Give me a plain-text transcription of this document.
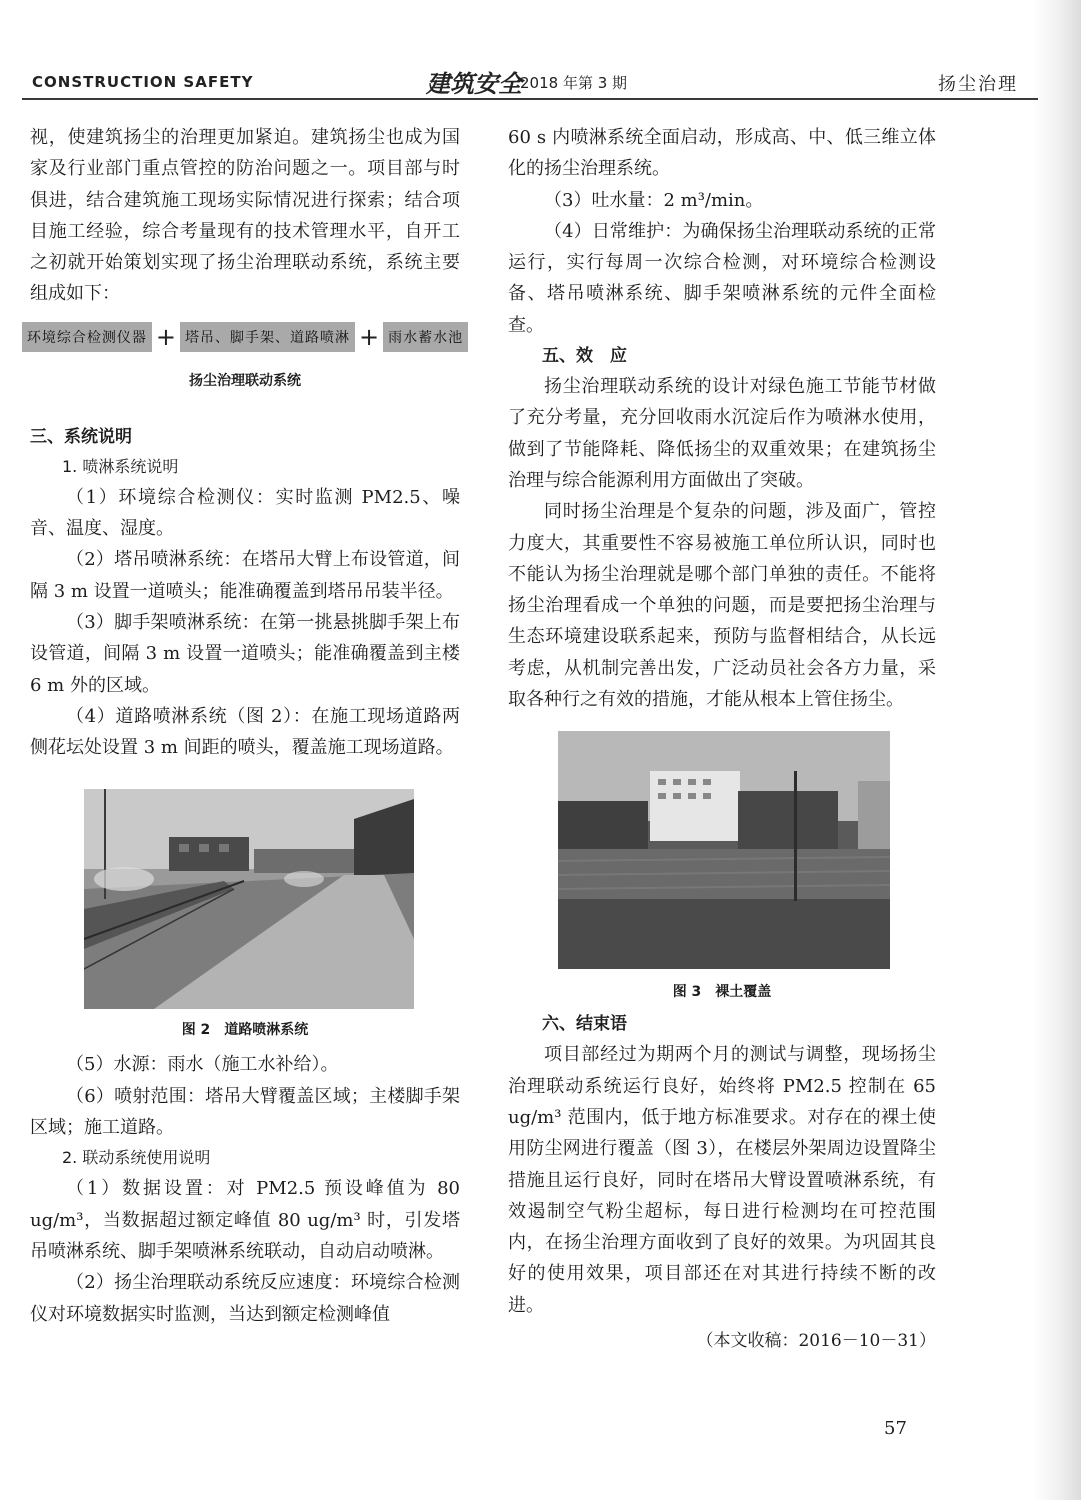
CONSTRUCTION SAFETY	建筑安全
2018 年第 3 期	扬尘治理

视，使建筑扬尘的治理更加紧迫。建筑扬尘也成为国家及行业部门重点管控的防治问题之一。项目部与时俱进，结合建筑施工现场实际情况进行探索；结合项目施工经验，综合考量现有的技术管理水平，自开工之初就开始策划实现了扬尘治理联动系统，系统主要组成如下：

环境综合检测仪器 + 塔吊、脚手架、道路喷淋 + 雨水蓄水池
扬尘治理联动系统

三、系统说明

1. 喷淋系统说明

（1）环境综合检测仪：实时监测 PM2.5、噪音、温度、湿度。

（2）塔吊喷淋系统：在塔吊大臂上布设管道，间隔 3 m 设置一道喷头；能准确覆盖到塔吊吊装半径。

（3）脚手架喷淋系统：在第一挑悬挑脚手架上布设管道，间隔 3 m 设置一道喷头；能准确覆盖到主楼 6 m 外的区域。

（4）道路喷淋系统（图 2）：在施工现场道路两侧花坛处设置 3 m 间距的喷头，覆盖施工现场道路。

图 2　道路喷淋系统

（5）水源：雨水（施工水补给）。

（6）喷射范围：塔吊大臂覆盖区域；主楼脚手架区域；施工道路。

2. 联动系统使用说明

（1）数据设置：对 PM2.5 预设峰值为 80 ug/m³，当数据超过额定峰值 80 ug/m³ 时，引发塔吊喷淋系统、脚手架喷淋系统联动，自动启动喷淋。

（2）扬尘治理联动系统反应速度：环境综合检测仪对环境数据实时监测，当达到额定检测峰值

60 s 内喷淋系统全面启动，形成高、中、低三维立体化的扬尘治理系统。

（3）吐水量：2 m³/min。

（4）日常维护：为确保扬尘治理联动系统的正常运行，实行每周一次综合检测，对环境综合检测设备、塔吊喷淋系统、脚手架喷淋系统的元件全面检查。

五、效　应

扬尘治理联动系统的设计对绿色施工节能节材做了充分考量，充分回收雨水沉淀后作为喷淋水使用，做到了节能降耗、降低扬尘的双重效果；在建筑扬尘治理与综合能源利用方面做出了突破。

同时扬尘治理是个复杂的问题，涉及面广，管控力度大，其重要性不容易被施工单位所认识，同时也不能认为扬尘治理就是哪个部门单独的责任。不能将扬尘治理看成一个单独的问题，而是要把扬尘治理与生态环境建设联系起来，预防与监督相结合，从长远考虑，从机制完善出发，广泛动员社会各方力量，采取各种行之有效的措施，才能从根本上管住扬尘。

图 3　裸土覆盖

六、结束语

项目部经过为期两个月的测试与调整，现场扬尘治理联动系统运行良好，始终将 PM2.5 控制在 65 ug/m³ 范围内，低于地方标准要求。对存在的裸土使用防尘网进行覆盖（图 3），在楼层外架周边设置降尘措施且运行良好，同时在塔吊大臂设置喷淋系统，有效遏制空气粉尘超标，每日进行检测均在可控范围内，在扬尘治理方面收到了良好的效果。为巩固其良好的使用效果，项目部还在对其进行持续不断的改进。

（本文收稿：2016－10－31）
57
